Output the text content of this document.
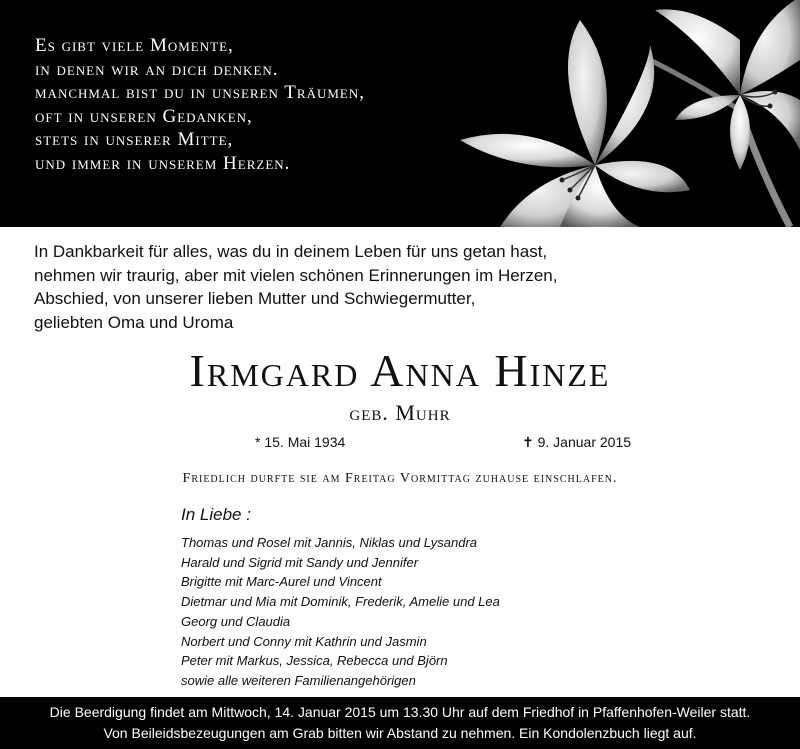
Es gibt viele Momente,
in denen wir an dich denken.
manchmal bist du in unseren Träumen,
oft in unseren Gedanken,
stets in unserer Mitte,
und immer in unserem Herzen.
In Dankbarkeit für alles, was du in deinem Leben für uns getan hast,
nehmen wir traurig, aber mit vielen schönen Erinnerungen im Herzen,
Abschied, von unserer lieben Mutter und Schwiegermutter,
geliebten Oma und Uroma
Irmgard Anna Hinze
geb. Muhr
* 15. Mai 1934	✝ 9. Januar 2015
Friedlich durfte sie am Freitag Vormittag zuhause einschlafen.
In Liebe :
Thomas und Rosel mit Jannis, Niklas und Lysandra
Harald und Sigrid mit Sandy und Jennifer
Brigitte mit Marc-Aurel und Vincent
Dietmar und Mia mit Dominik, Frederik, Amelie und Lea
Georg und Claudia
Norbert und Conny mit Kathrin und Jasmin
Peter mit Markus, Jessica, Rebecca und Björn
sowie alle weiteren Familienangehörigen
Die Beerdigung findet am Mittwoch, 14. Januar 2015 um 13.30 Uhr auf dem Friedhof in Pfaffenhofen-Weiler statt.
Von Beileidsbezeugungen am Grab bitten wir Abstand zu nehmen. Ein Kondolenzbuch liegt auf.
